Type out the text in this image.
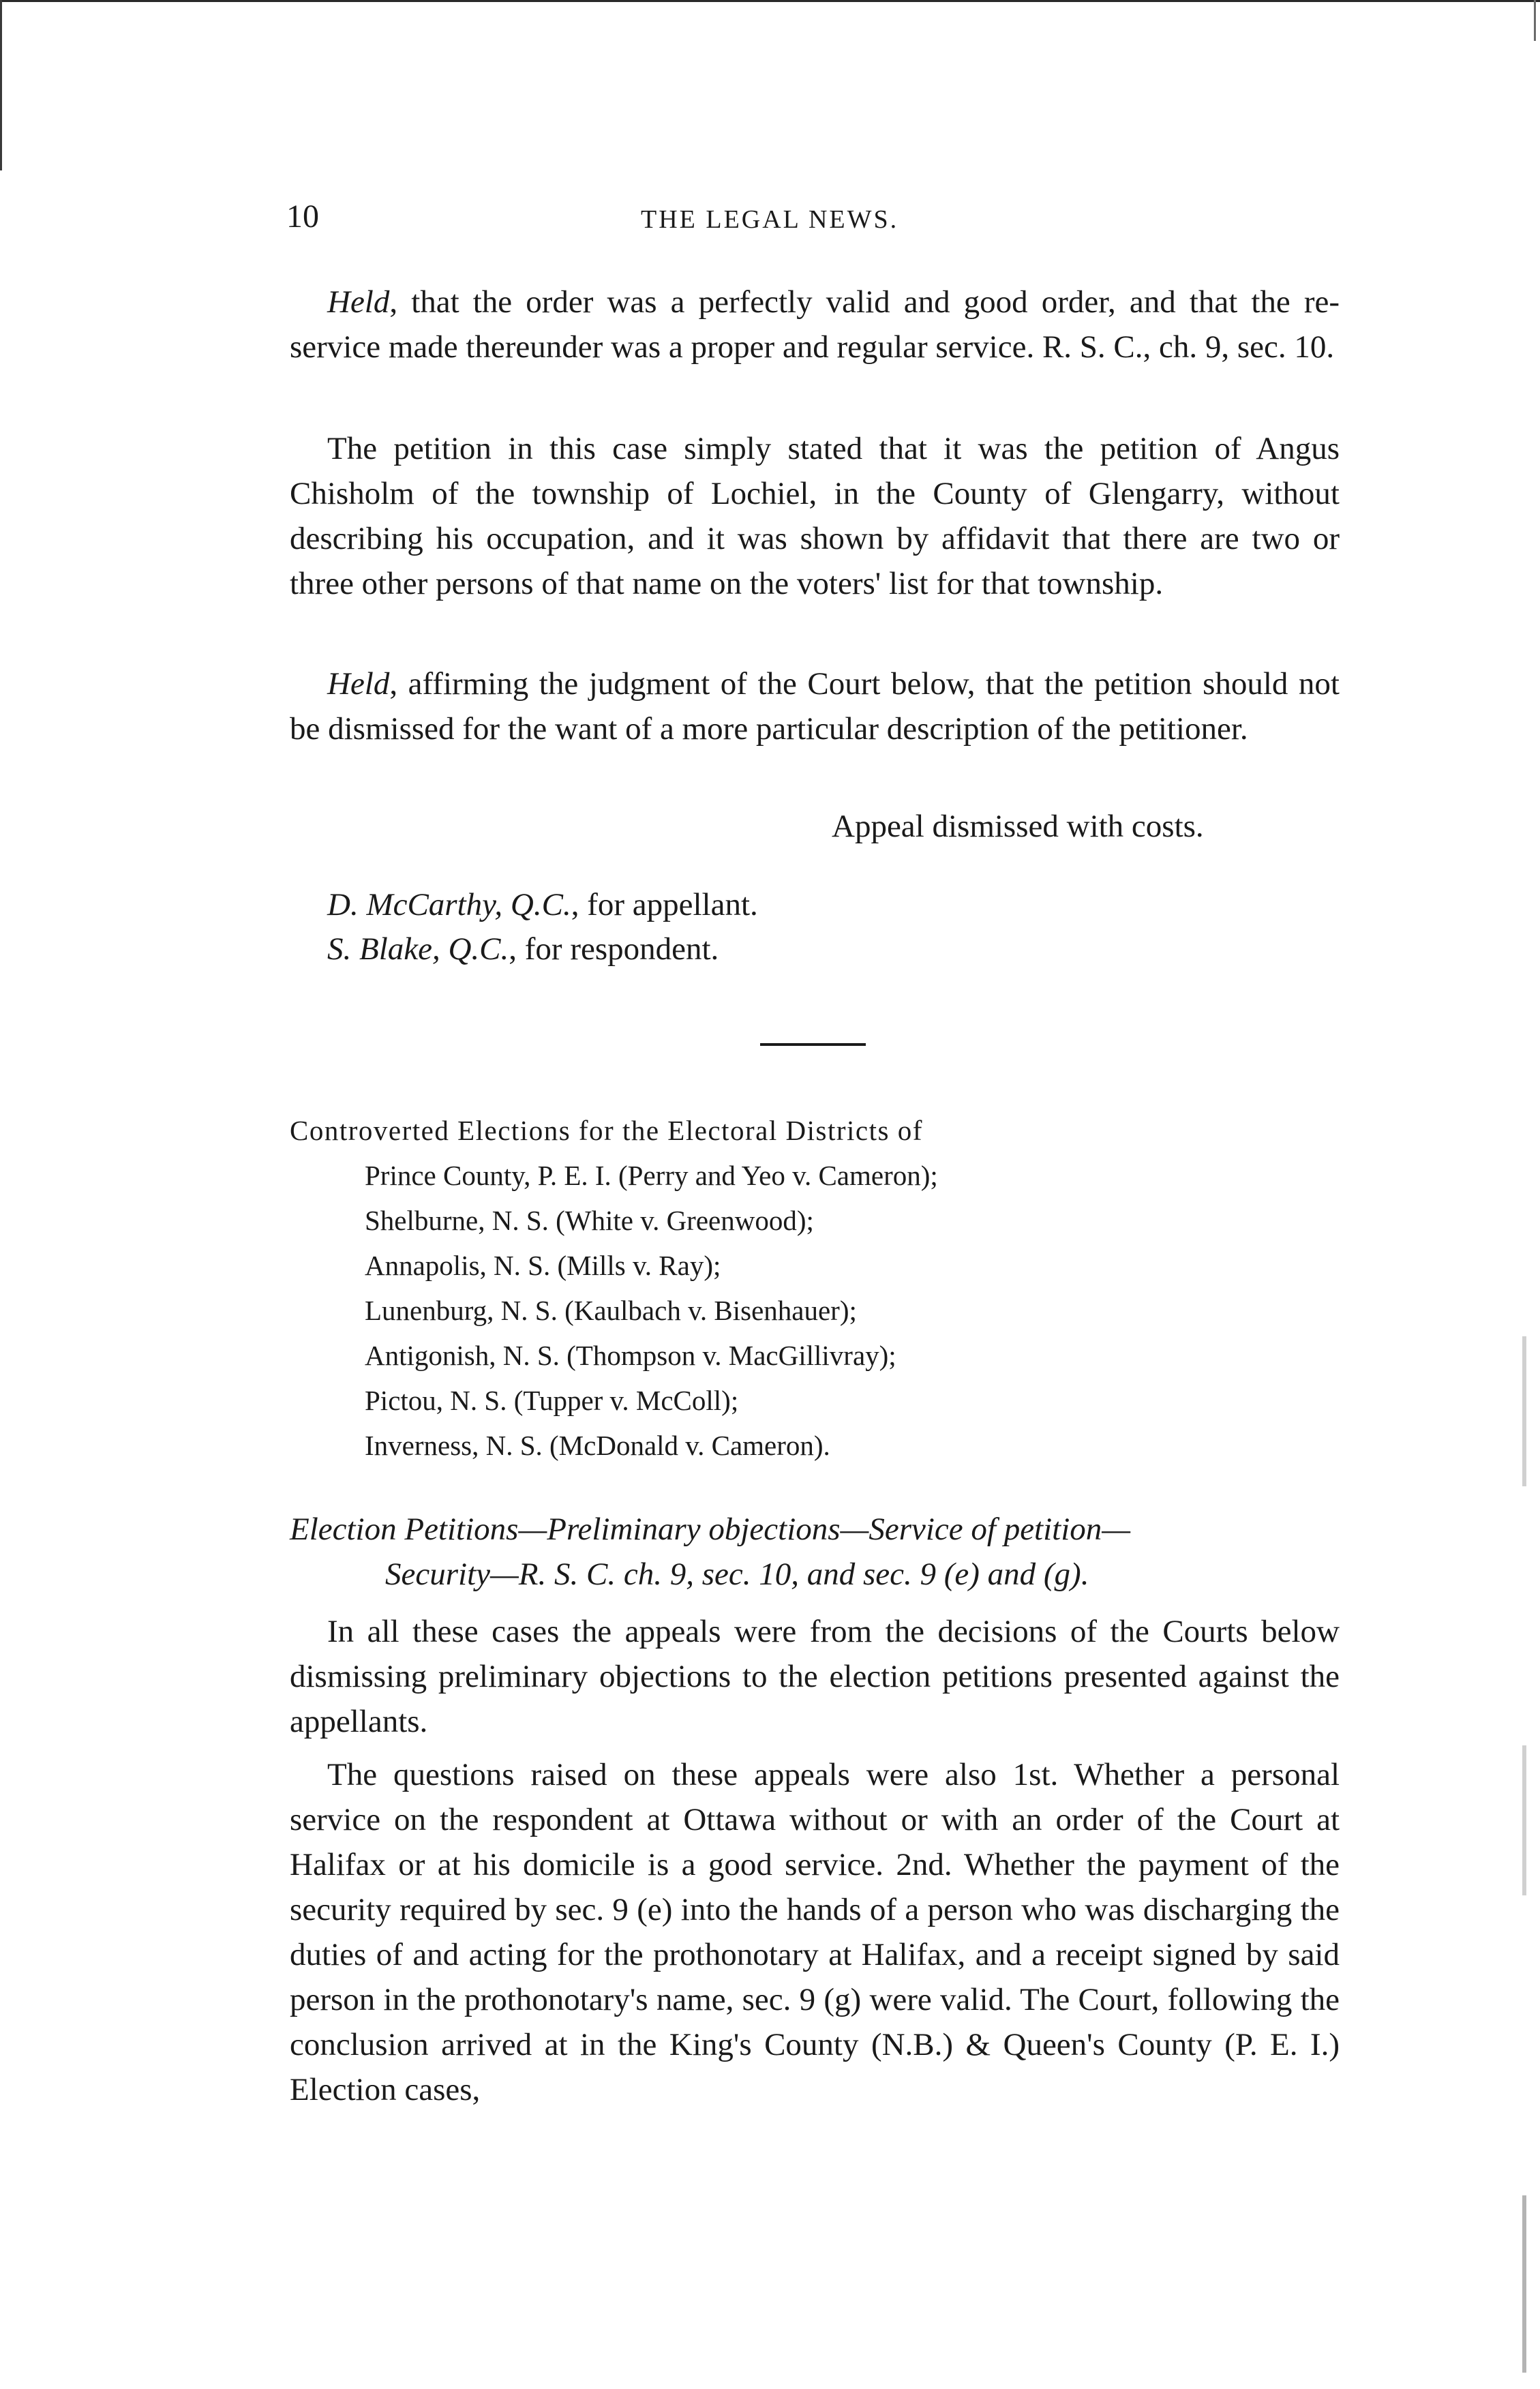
10	THE LEGAL NEWS.

Held, that the order was a perfectly valid and good order, and that the re-service made thereunder was a proper and regular service. R. S. C., ch. 9, sec. 10.

The petition in this case simply stated that it was the petition of Angus Chisholm of the township of Lochiel, in the County of Glengarry, without describing his occupation, and it was shown by affidavit that there are two or three other persons of that name on the voters' list for that township.

Held, affirming the judgment of the Court below, that the petition should not be dismissed for the want of a more particular description of the petitioner.

Appeal dismissed with costs.
D. McCarthy, Q.C., for appellant.
S. Blake, Q.C., for respondent.
Controverted Elections for the Electoral Districts of
Prince County, P. E. I. (Perry and Yeo v. Cameron);
Shelburne, N. S. (White v. Greenwood);
Annapolis, N. S. (Mills v. Ray);
Lunenburg, N. S. (Kaulbach v. Bisenhauer);
Antigonish, N. S. (Thompson v. MacGillivray);
Pictou, N. S. (Tupper v. McColl);
Inverness, N. S. (McDonald v. Cameron).
Election Petitions—Preliminary objections—Service of petition—
Security—R. S. C. ch. 9, sec. 10, and sec. 9 (e) and (g).

In all these cases the appeals were from the decisions of the Courts below dismissing preliminary objections to the election petitions presented against the appellants.

The questions raised on these appeals were also 1st. Whether a personal service on the respondent at Ottawa without or with an order of the Court at Halifax or at his domicile is a good service. 2nd. Whether the payment of the security required by sec. 9 (e) into the hands of a person who was discharging the duties of and acting for the prothonotary at Halifax, and a receipt signed by said person in the prothonotary's name, sec. 9 (g) were valid. The Court, following the conclusion arrived at in the King's County (N.B.) & Queen's County (P. E. I.) Election cases,
